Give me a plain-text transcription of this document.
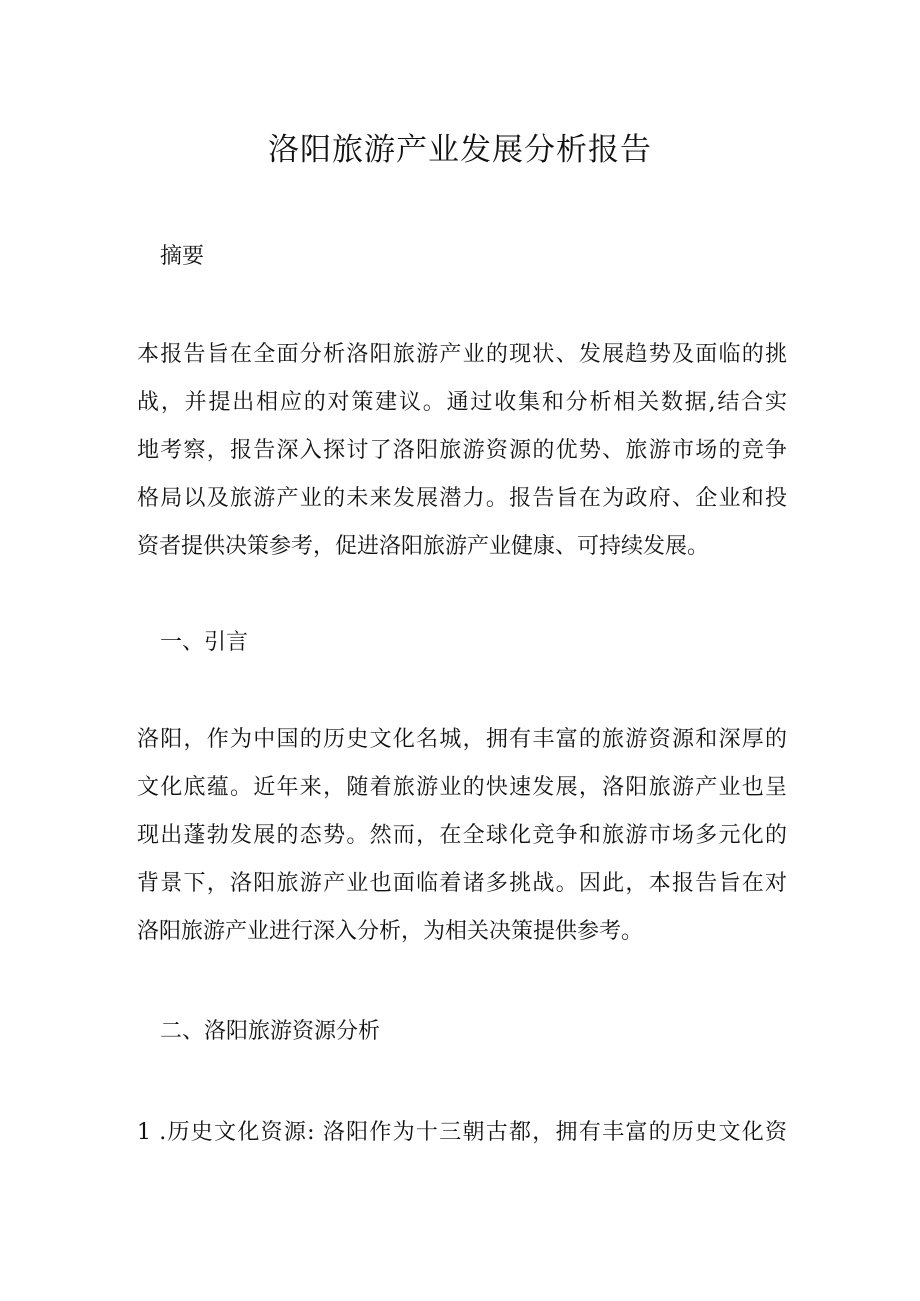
洛阳旅游产业发展分析报告
摘要
本报告旨在全面分析洛阳旅游产业的现状、发展趋势及面临的挑
战，并提出相应的对策建议。通过收集和分析相关数据,结合实
地考察，报告深入探讨了洛阳旅游资源的优势、旅游市场的竞争
格局以及旅游产业的未来发展潜力。报告旨在为政府、企业和投
资者提供决策参考，促进洛阳旅游产业健康、可持续发展。
一、引言
洛阳，作为中国的历史文化名城，拥有丰富的旅游资源和深厚的
文化底蕴。近年来，随着旅游业的快速发展，洛阳旅游产业也呈
现出蓬勃发展的态势。然而，在全球化竞争和旅游市场多元化的
背景下，洛阳旅游产业也面临着诸多挑战。因此，本报告旨在对
洛阳旅游产业进行深入分析，为相关决策提供参考。
二、洛阳旅游资源分析
1 .历史文化资源: 洛阳作为十三朝古都，拥有丰富的历史文化资
